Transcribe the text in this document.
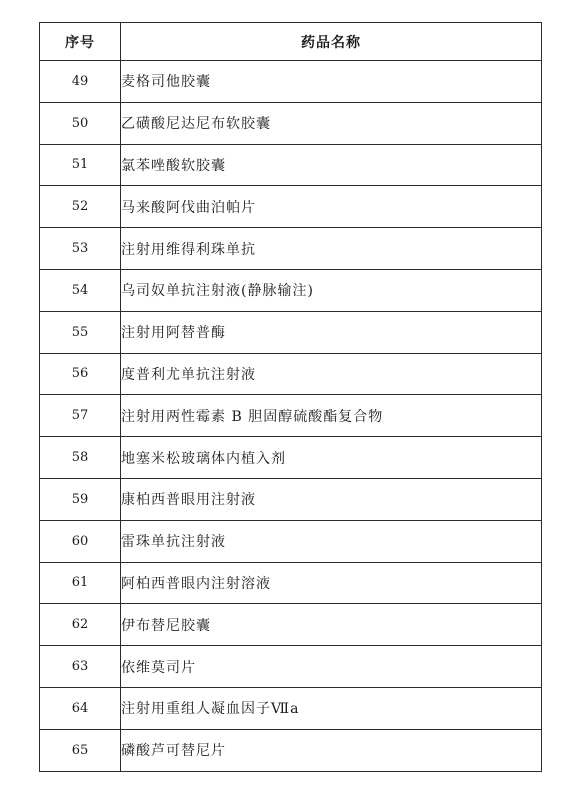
序号	药品名称
49	麦格司他胶囊
50	乙磺酸尼达尼布软胶囊
51	氯苯唑酸软胶囊
52	马来酸阿伐曲泊帕片
53	注射用维得利珠单抗
54	乌司奴单抗注射液(静脉输注)
55	注射用阿替普酶
56	度普利尤单抗注射液
57	注射用两性霉素 B 胆固醇硫酸酯复合物
58	地塞米松玻璃体内植入剂
59	康柏西普眼用注射液
60	雷珠单抗注射液
61	阿柏西普眼内注射溶液
62	伊布替尼胶囊
63	依维莫司片
64	注射用重组人凝血因子Ⅶa
65	磷酸芦可替尼片
